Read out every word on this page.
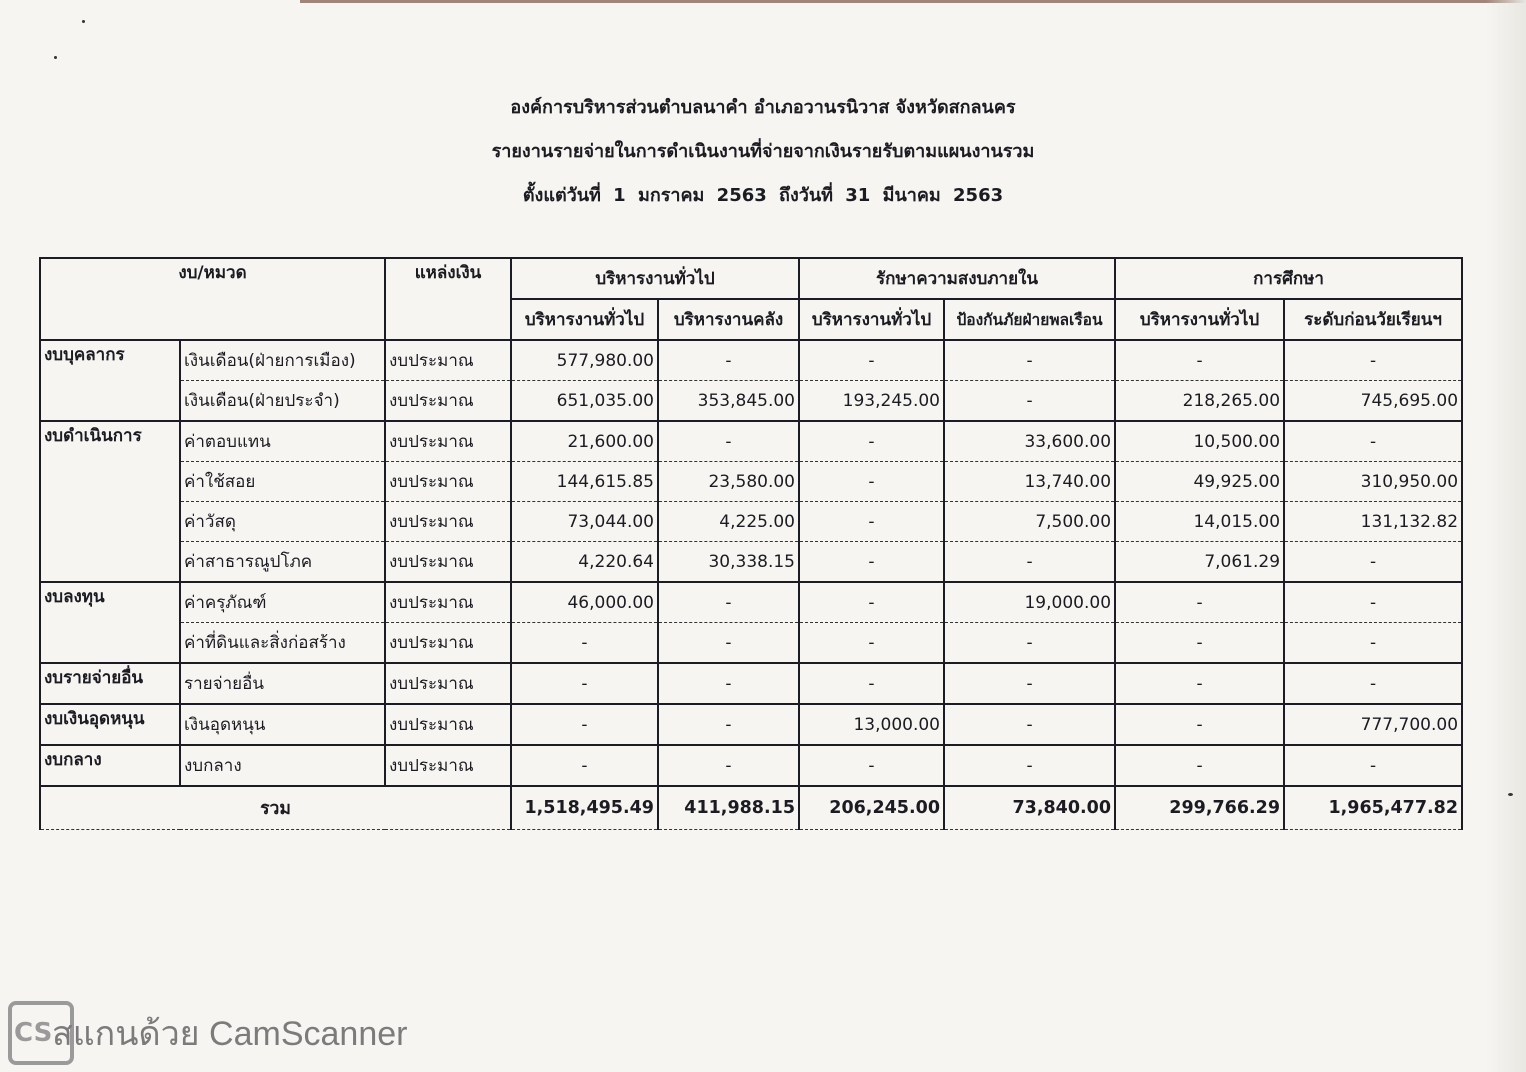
องค์การบริหารส่วนตำบลนาคำ อำเภอวานรนิวาส จังหวัดสกลนคร
รายงานรายจ่ายในการดำเนินงานที่จ่ายจากเงินรายรับตามแผนงานรวม
ตั้งแต่วันที่ 1 มกราคม 2563 ถึงวันที่ 31 มีนาคม 2563
งบ/หมวด		แหล่งเงิน	บริหารงานทั่วไป		รักษาความสงบภายใน		การศึกษา	
			บริหารงานทั่วไป	บริหารงานคลัง	บริหารงานทั่วไป	ป้องกันภัยฝ่ายพลเรือน	บริหารงานทั่วไป	ระดับก่อนวัยเรียนฯ
งบบุคลากร	เงินเดือน(ฝ่ายการเมือง)	งบประมาณ	577,980.00	-	-	-	-	-
	เงินเดือน(ฝ่ายประจำ)	งบประมาณ	651,035.00	353,845.00	193,245.00	-	218,265.00	745,695.00
งบดำเนินการ	ค่าตอบแทน	งบประมาณ	21,600.00	-	-	33,600.00	10,500.00	-
	ค่าใช้สอย	งบประมาณ	144,615.85	23,580.00	-	13,740.00	49,925.00	310,950.00
	ค่าวัสดุ	งบประมาณ	73,044.00	4,225.00	-	7,500.00	14,015.00	131,132.82
	ค่าสาธารณูปโภค	งบประมาณ	4,220.64	30,338.15	-	-	7,061.29	-
งบลงทุน	ค่าครุภัณฑ์	งบประมาณ	46,000.00	-	-	19,000.00	-	-
	ค่าที่ดินและสิ่งก่อสร้าง	งบประมาณ	-	-	-	-	-	-
งบรายจ่ายอื่น	รายจ่ายอื่น	งบประมาณ	-	-	-	-	-	-
งบเงินอุดหนุน	เงินอุดหนุน	งบประมาณ	-	-	13,000.00	-	-	777,700.00
งบกลาง	งบกลาง	งบประมาณ	-	-	-	-	-	-
รวม			1,518,495.49	411,988.15	206,245.00	73,840.00	299,766.29	1,965,477.82
CS สแกนด้วย CamScanner
